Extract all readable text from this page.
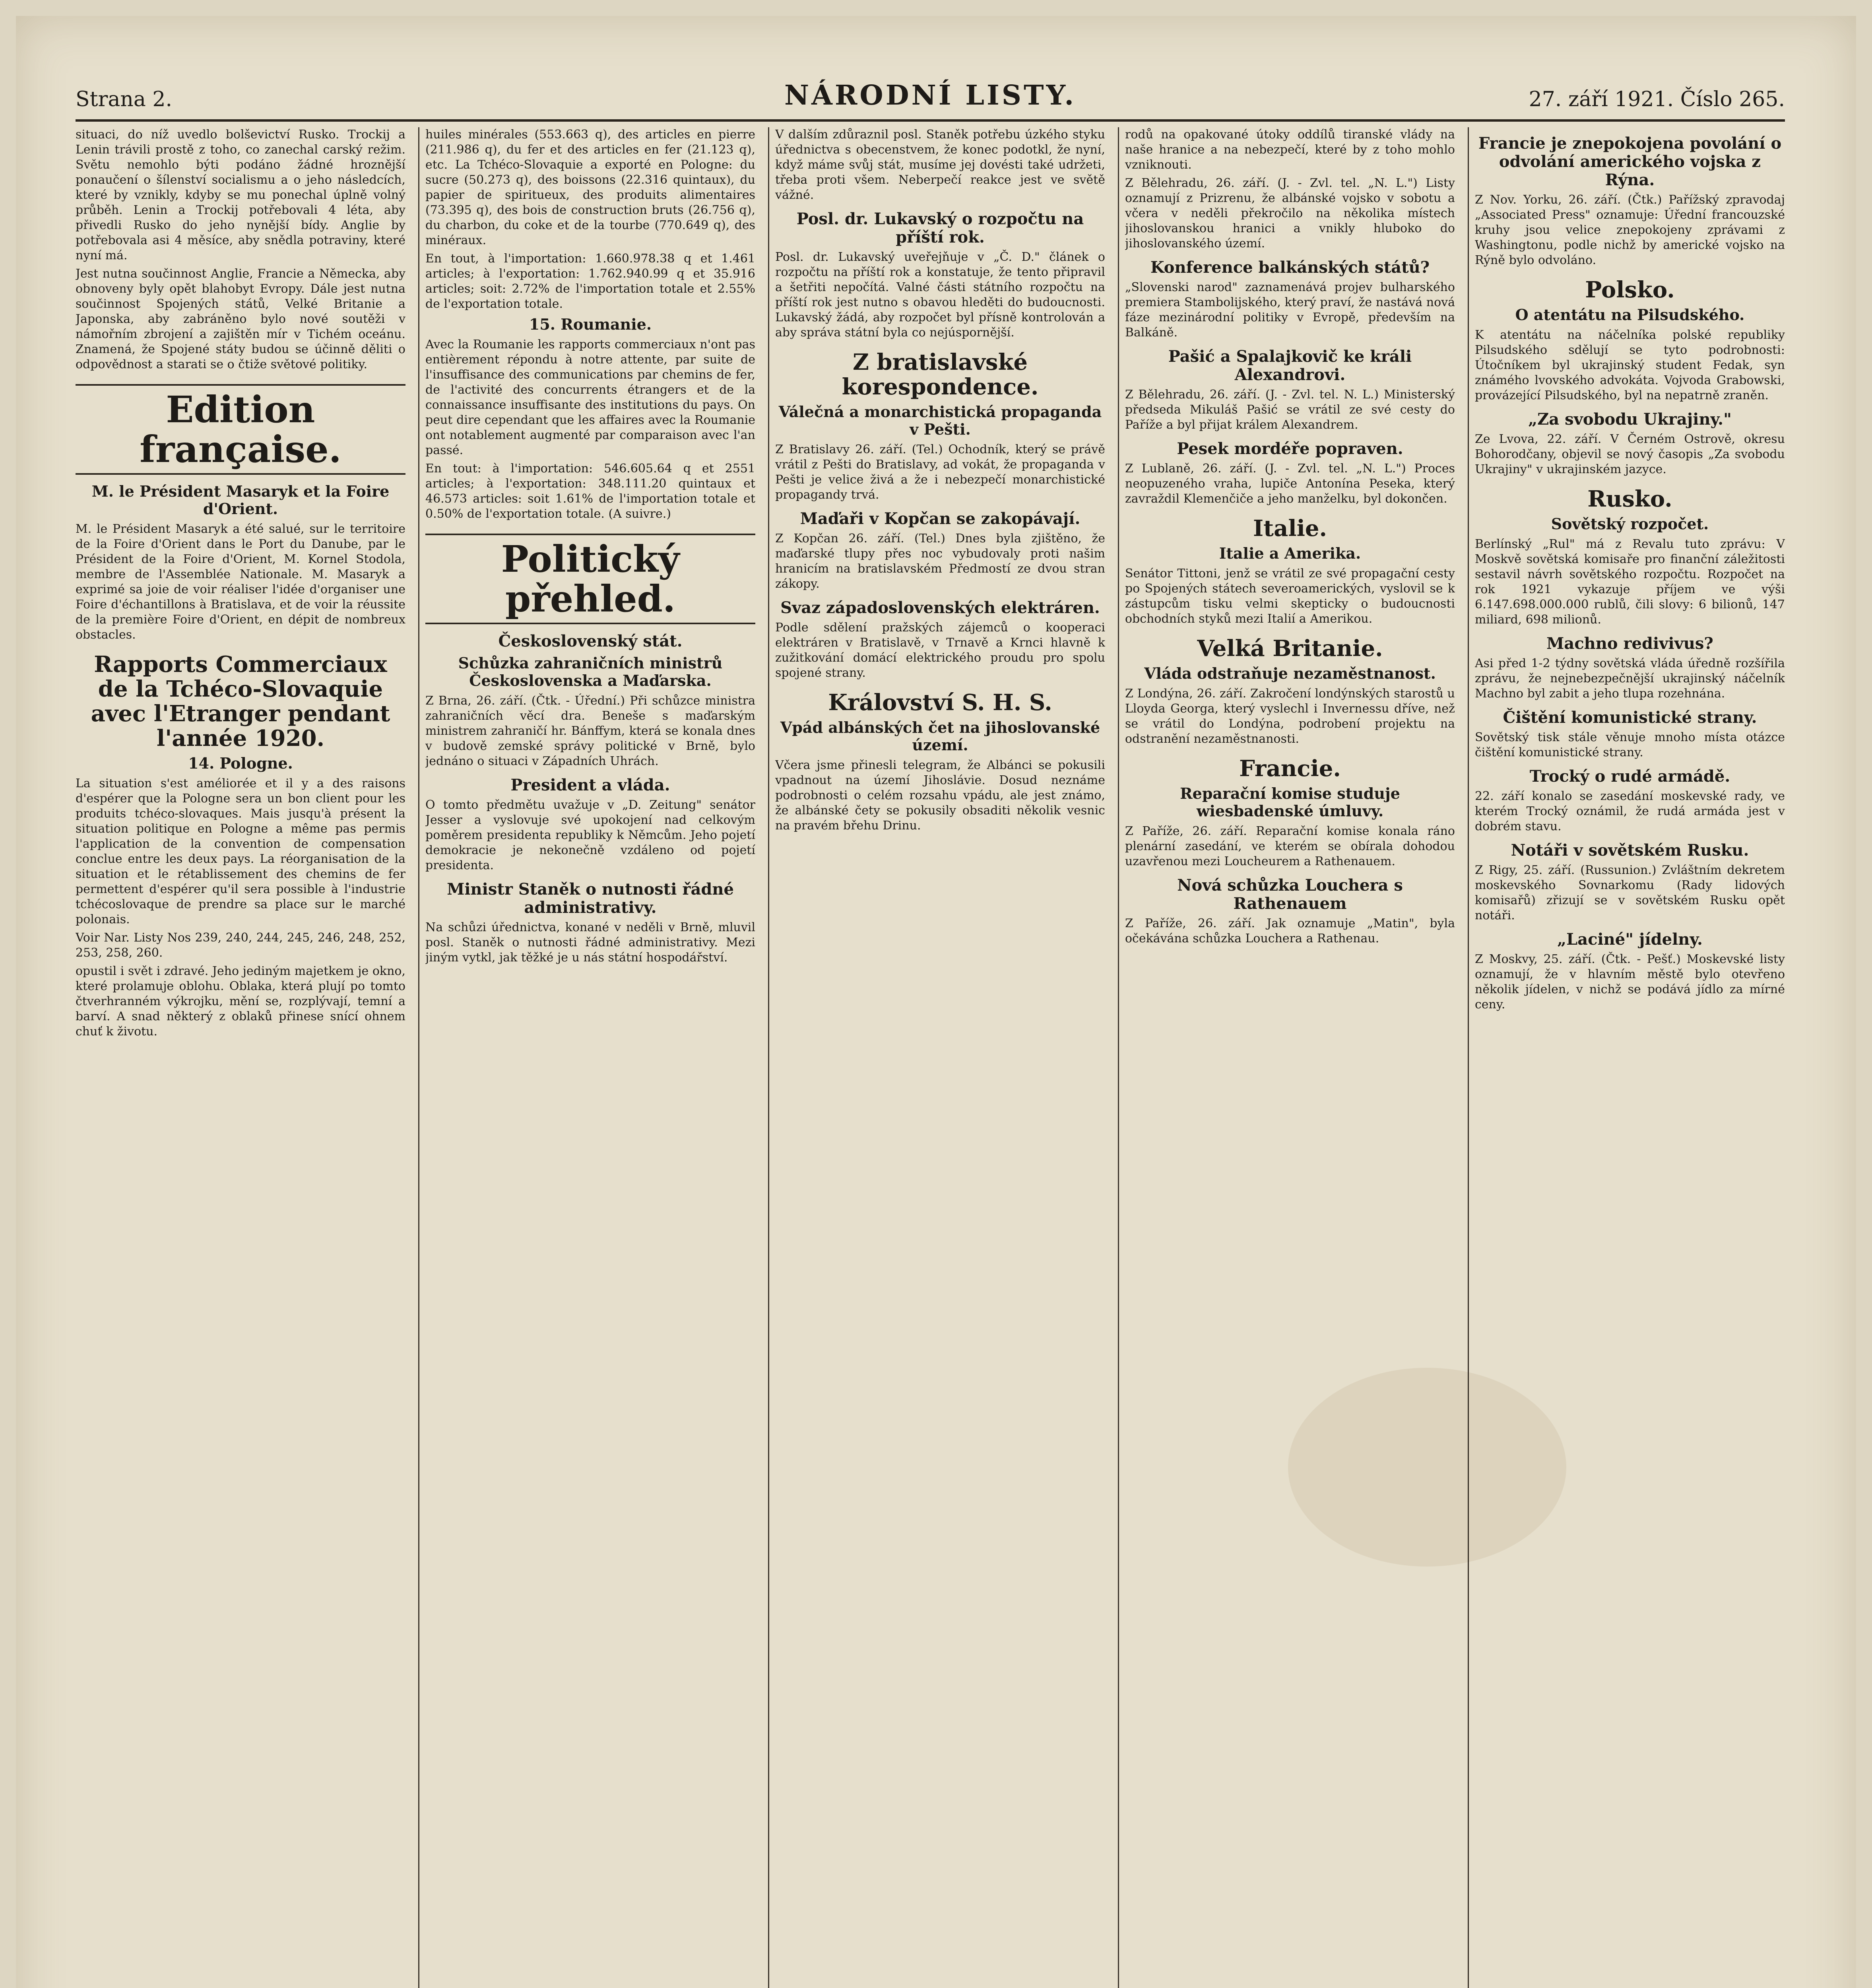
Strana 2.	NÁRODNÍ LISTY.	27. září 1921. Číslo 265.

situaci, do níž uvedlo bolševictví Rusko. Trockij a Lenin trávili prostě z toho, co zanechal carský režim. Světu nemohlo býti podáno žádné hroznější ponaučení o šílenství socialismu a o jeho následcích, které by vznikly, kdyby se mu ponechal úplně volný průběh. Lenin a Trockij potřebovali 4 léta, aby přivedli Rusko do jeho nynější bídy. Anglie by potřebovala asi 4 měsíce, aby snědla potraviny, které nyní má.

Jest nutna součinnost Anglie, Francie a Německa, aby obnoveny byly opět blahobyt Evropy. Dále jest nutna součinnost Spojených států, Velké Britanie a Japonska, aby zabráněno bylo nové soutěži v námořním zbrojení a zajištěn mír v Tichém oceánu. Znamená, že Spojené státy budou se účinně děliti o odpovědnost a starati se o čtiže světové politiky.

Edition française.
M. le Président Masaryk et la Foire d'Orient.

M. le Président Masaryk a été salué, sur le territoire de la Foire d'Orient dans le Port du Danube, par le Président de la Foire d'Orient, M. Kornel Stodola, membre de l'Assemblée Nationale. M. Masaryk a exprimé sa joie de voir réaliser l'idée d'organiser une Foire d'échantillons à Bratislava, et de voir la réussite de la première Foire d'Orient, en dépit de nombreux obstacles.

Rapports Commerciaux de la Tchéco-Slovaquie avec l'Etranger pendant l'année 1920.
14. Pologne.

La situation s'est améliorée et il y a des raisons d'espérer que la Pologne sera un bon client pour les produits tchéco-slovaques. Mais jusqu'à présent la situation politique en Pologne a même pas permis l'application de la convention de compensation conclue entre les deux pays. La réorganisation de la situation et le rétablissement des chemins de fer permettent d'espérer qu'il sera possible à l'industrie tchécoslovaque de prendre sa place sur le marché polonais.

Voir Nar. Listy Nos 239, 240, 244, 245, 246, 248, 252, 253, 258, 260.

opustil i svět i zdravé. Jeho jediným majetkem je okno, které prolamuje oblohu. Oblaka, která plují po tomto čtverhranném výkrojku, mění se, rozplývají, temní a barví. A snad některý z oblaků přinese snící ohnem chuť k životu.

huiles minérales (553.663 q), des articles en pierre (211.986 q), du fer et des articles en fer (21.123 q), etc. La Tchéco-Slovaquie a exporté en Pologne: du sucre (50.273 q), des boissons (22.316 quintaux), du papier de spiritueux, des produits alimentaires (73.395 q), des bois de construction bruts (26.756 q), du charbon, du coke et de la tourbe (770.649 q), des minéraux.

En tout, à l'importation: 1.660.978.38 q et 1.461 articles; à l'exportation: 1.762.940.99 q et 35.916 articles; soit: 2.72% de l'importation totale et 2.55% de l'exportation totale.

15. Roumanie.

Avec la Roumanie les rapports commerciaux n'ont pas entièrement répondu à notre attente, par suite de l'insuffisance des communications par chemins de fer, de l'activité des concurrents étrangers et de la connaissance insuffisante des institutions du pays. On peut dire cependant que les affaires avec la Roumanie ont notablement augmenté par comparaison avec l'an passé.

En tout: à l'importation: 546.605.64 q et 2551 articles; à l'exportation: 348.111.20 quintaux et 46.573 articles: soit 1.61% de l'importation totale et 0.50% de l'exportation totale. (A suivre.)

Politický přehled.
Československý stát.
Schůzka zahraničních ministrů Československa a Maďarska.

Z Brna, 26. září. (Čtk. - Úřední.) Při schůzce ministra zahraničních věcí dra. Beneše s maďarským ministrem zahraničí hr. Bánffym, která se konala dnes v budově zemské správy politické v Brně, bylo jednáno o situaci v Západních Uhrách.

President a vláda.

O tomto předmětu uvažuje v „D. Zeitung" senátor Jesser a vyslovuje své upokojení nad celkovým poměrem presidenta republiky k Němcům. Jeho pojetí demokracie je nekonečně vzdáleno od pojetí presidenta.

Ministr Staněk o nutnosti řádné administrativy.

Na schůzi úřednictva, konané v neděli v Brně, mluvil posl. Staněk o nutnosti řádné administrativy. Mezi jiným vytkl, jak těžké je u nás státní hospodářství.

V dalším zdůraznil posl. Staněk potřebu úzkého styku úřednictva s obecenstvem, že konec podotkl, že nyní, když máme svůj stát, musíme jej dovésti také udržeti, třeba proti všem. Neberpečí reakce jest ve světě vážné.

Posl. dr. Lukavský o rozpočtu na příští rok.

Posl. dr. Lukavský uveřejňuje v „Č. D." článek o rozpočtu na příští rok a konstatuje, že tento připravil a šetřiti nepočítá. Valné části státního rozpočtu na příští rok jest nutno s obavou hleděti do budoucnosti. Lukavský žádá, aby rozpočet byl přísně kontrolován a aby správa státní byla co nejúspornější.

Z bratislavské korespondence.
Válečná a monarchistická propaganda v Pešti.

Z Bratislavy 26. září. (Tel.) Ochodník, který se právě vrátil z Pešti do Bratislavy, ad vokát, že propaganda v Pešti je velice živá a že i nebezpečí monarchistické propagandy trvá.

Maďaři v Kopčan se zakopávají.

Z Kopčan 26. září. (Tel.) Dnes byla zjištěno, že maďarské tlupy přes noc vybudovaly proti našim hranicím na bratislavském Předmostí ze dvou stran zákopy.

Svaz západoslovenských elektráren.

Podle sdělení pražských zájemců o kooperaci elektráren v Bratislavě, v Trnavě a Krnci hlavně k zužitkování domácí elektrického proudu pro spolu spojené strany.

Království S. H. S.
Vpád albánských čet na jihoslovanské území.

Včera jsme přinesli telegram, že Albánci se pokusili vpadnout na území Jihoslávie. Dosud neznáme podrobnosti o celém rozsahu vpádu, ale jest známo, že albánské čety se pokusily obsaditi několik vesnic na pravém břehu Drinu.

rodů na opakované útoky oddílů tiranské vlády na naše hranice a na nebezpečí, které by z toho mohlo vzniknouti.

Z Bělehradu, 26. září. (J. - Zvl. tel. „N. L.") Listy oznamují z Prizrenu, že albánské vojsko v sobotu a včera v neděli překročilo na několika místech jihoslovanskou hranici a vnikly hluboko do jihoslovanského území.

Konference balkánských států?

„Slovenski narod" zaznamenává projev bulharského premiera Stambolijského, který praví, že nastává nová fáze mezinárodní politiky v Evropě, především na Balkáně.

Pašić a Spalajkovič ke králi Alexandrovi.

Z Bělehradu, 26. září. (J. - Zvl. tel. N. L.) Ministerský předseda Mikuláš Pašić se vrátil ze své cesty do Paříže a byl přijat králem Alexandrem.

Pesek mordéře popraven.

Z Lublaně, 26. září. (J. - Zvl. tel. „N. L.") Proces neopuzeného vraha, lupiče Antonína Peseka, který zavraždil Klemenčiče a jeho manželku, byl dokončen.

Italie.
Italie a Amerika.

Senátor Tittoni, jenž se vrátil ze své propagační cesty po Spojených státech severoamerických, vyslovil se k zástupcům tisku velmi skepticky o budoucnosti obchodních styků mezi Italií a Amerikou.

Velká Britanie.
Vláda odstraňuje nezaměstnanost.

Z Londýna, 26. září. Zakročení londýnských starostů u Lloyda Georga, který vyslechl i Invernessu dříve, než se vrátil do Londýna, podrobení projektu na odstranění nezaměstnanosti.

Francie.
Reparační komise studuje wiesbadenské úmluvy.

Z Paříže, 26. září. Reparační komise konala ráno plenární zasedání, ve kterém se obírala dohodou uzavřenou mezi Loucheurem a Rathenauem.

Nová schůzka Louchera s Rathenauem

Z Paříže, 26. září. Jak oznamuje „Matin", byla očekávána schůzka Louchera a Rathenau.

Francie je znepokojena povolání o odvolání amerického vojska z Rýna.

Z Nov. Yorku, 26. září. (Čtk.) Pařížský zpravodaj „Associated Press" oznamuje: Úřední francouzské kruhy jsou velice znepokojeny zprávami z Washingtonu, podle nichž by americké vojsko na Rýně bylo odvoláno.

Polsko.
O atentátu na Pilsudského.

K atentátu na náčelníka polské republiky Pilsudského sdělují se tyto podrobnosti: Útočníkem byl ukrajinský student Fedak, syn známého lvovského advokáta. Vojvoda Grabowski, provázející Pilsudského, byl na nepatrně zraněn.

„Za svobodu Ukrajiny."

Ze Lvova, 22. září. V Černém Ostrově, okresu Bohorodčany, objevil se nový časopis „Za svobodu Ukrajiny" v ukrajinském jazyce.

Rusko.
Sovětský rozpočet.

Berlínský „Rul" má z Revalu tuto zprávu: V Moskvě sovětská komisaře pro finanční záležitosti sestavil návrh sovětského rozpočtu. Rozpočet na rok 1921 vykazuje příjem ve výši 6.147.698.000.000 rublů, čili slovy: 6 bilionů, 147 miliard, 698 milionů.

Machno redivivus?

Asi před 1-2 týdny sovětská vláda úředně rozšířila zprávu, že nejnebezpečnější ukrajinský náčelník Machno byl zabit a jeho tlupa rozehnána.

Čištění komunistické strany.

Sovětský tisk stále věnuje mnoho místa otázce čištění komunistické strany.

Trocký o rudé armádě.

22. září konalo se zasedání moskevské rady, ve kterém Trocký oznámil, že rudá armáda jest v dobrém stavu.

Notáři v sovětském Rusku.

Z Rigy, 25. září. (Russunion.) Zvláštním dekretem moskevského Sovnarkomu (Rady lidových komisařů) zřizují se v sovětském Rusku opět notáři.

„Laciné" jídelny.

Z Moskvy, 25. září. (Čtk. - Pešť.) Moskevské listy oznamují, že v hlavním městě bylo otevřeno několik jídelen, v nichž se podává jídlo za mírné ceny.
